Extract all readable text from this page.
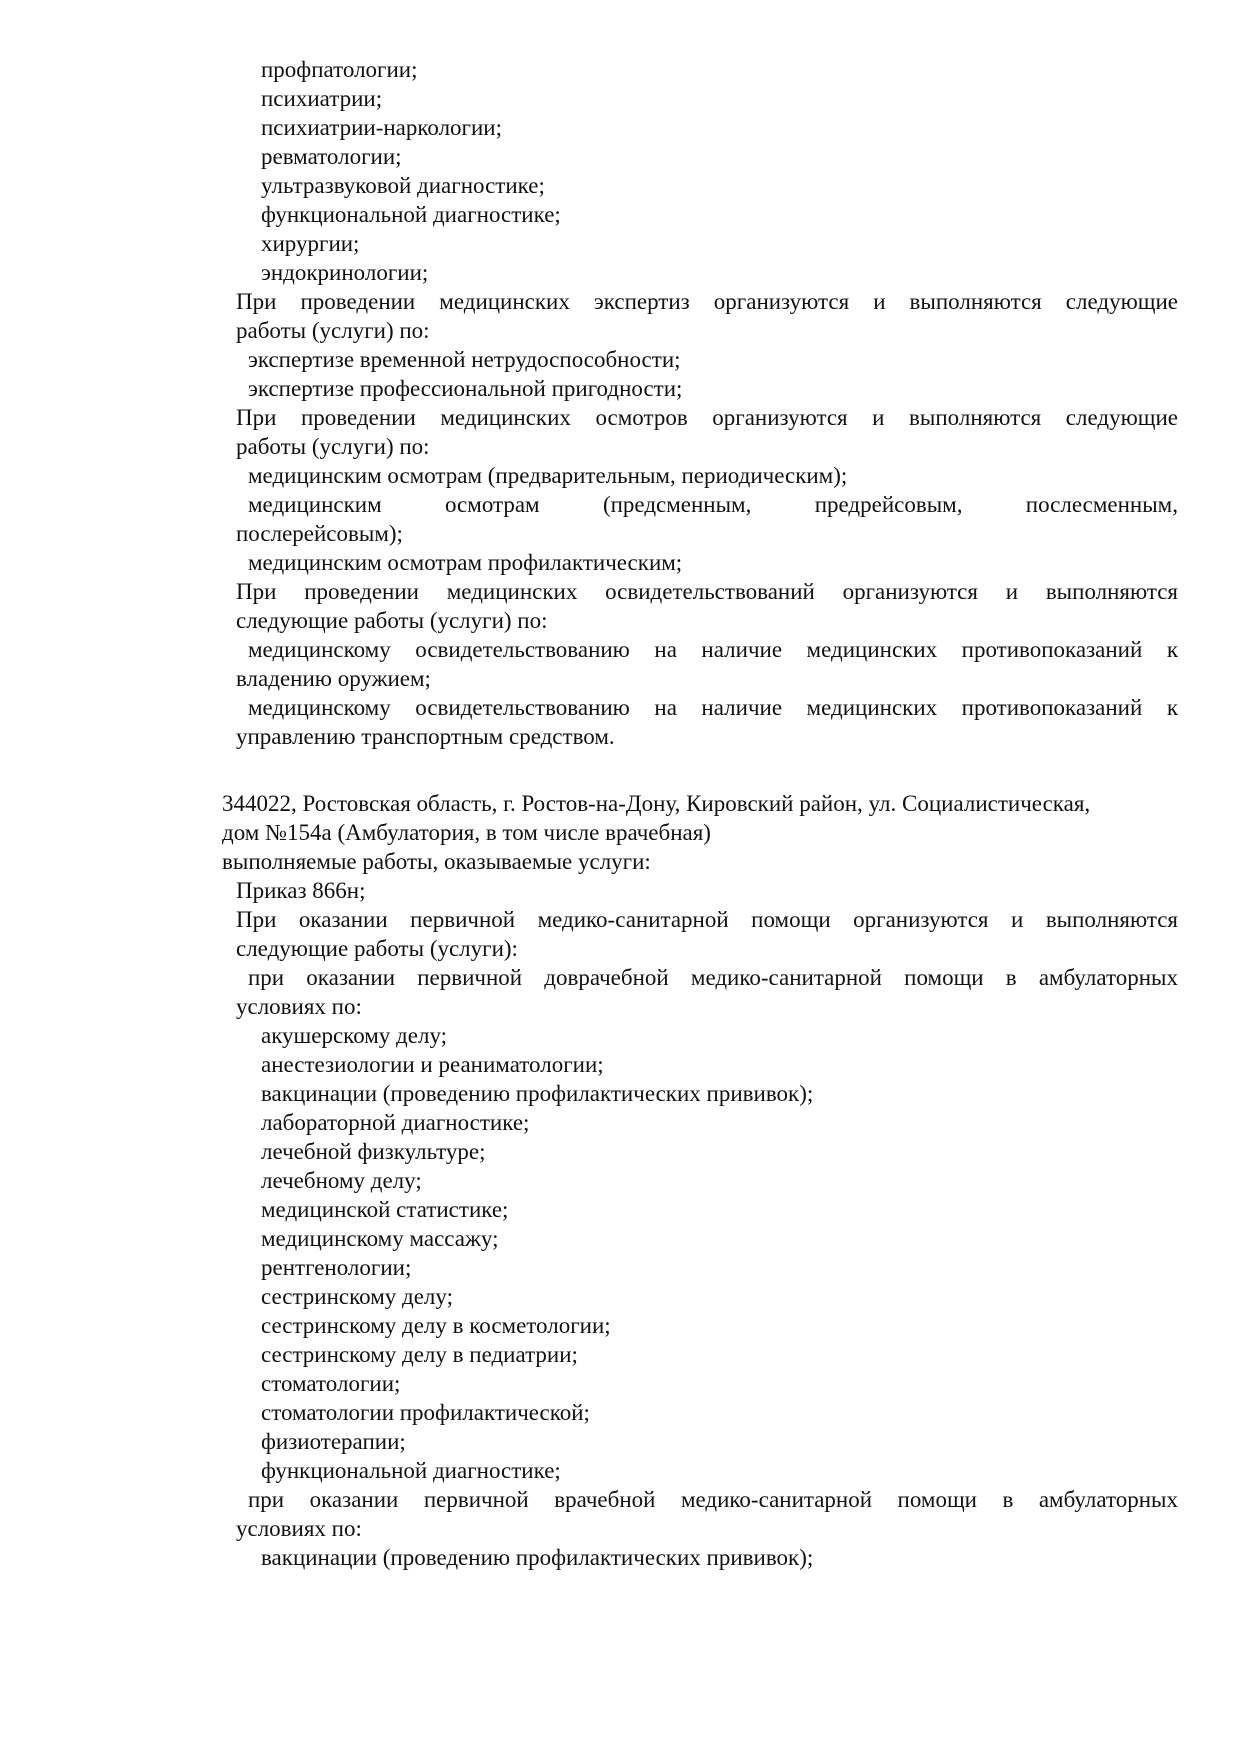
профпатологии;
психиатрии;
психиатрии-наркологии;
ревматологии;
ультразвуковой диагностике;
функциональной диагностике;
хирургии;
эндокринологии;
При проведении медицинских экспертиз организуются и выполняются следующие
работы (услуги) по:
экспертизе временной нетрудоспособности;
экспертизе профессиональной пригодности;
При проведении медицинских осмотров организуются и выполняются следующие
работы (услуги) по:
медицинским осмотрам (предварительным, периодическим);
медицинским осмотрам (предсменным, предрейсовым, послесменным,
послерейсовым);
медицинским осмотрам профилактическим;
При проведении медицинских освидетельствований организуются и выполняются
следующие работы (услуги) по:
медицинскому освидетельствованию на наличие медицинских противопоказаний к
владению оружием;
медицинскому освидетельствованию на наличие медицинских противопоказаний к
управлению транспортным средством.
344022, Ростовская область, г. Ростов-на-Дону, Кировский район, ул. Социалистическая,
дом №154а (Амбулатория, в том числе врачебная)
выполняемые работы, оказываемые услуги:
Приказ 866н;
При оказании первичной медико-санитарной помощи организуются и выполняются
следующие работы (услуги):
при оказании первичной доврачебной медико-санитарной помощи в амбулаторных
условиях по:
акушерскому делу;
анестезиологии и реаниматологии;
вакцинации (проведению профилактических прививок);
лабораторной диагностике;
лечебной физкультуре;
лечебному делу;
медицинской статистике;
медицинскому массажу;
рентгенологии;
сестринскому делу;
сестринскому делу в косметологии;
сестринскому делу в педиатрии;
стоматологии;
стоматологии профилактической;
физиотерапии;
функциональной диагностике;
при оказании первичной врачебной медико-санитарной помощи в амбулаторных
условиях по:
вакцинации (проведению профилактических прививок);
